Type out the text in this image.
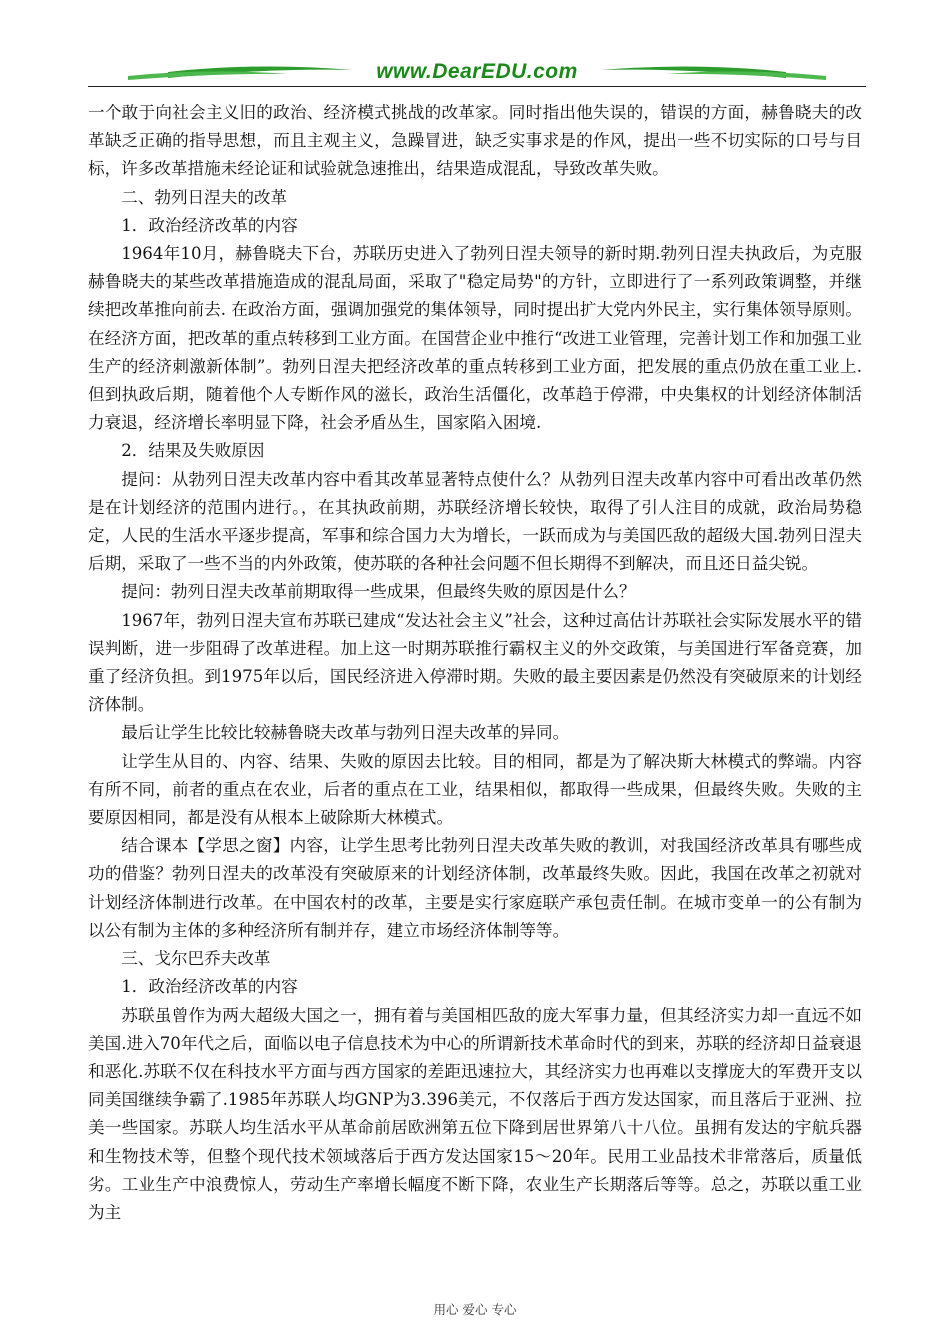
www.DearEDU.com

一个敢于向社会主义旧的政治、经济模式挑战的改革家。同时指出他失误的，错误的方面，赫鲁晓夫的改革缺乏正确的指导思想，而且主观主义，急躁冒进，缺乏实事求是的作风，提出一些不切实际的口号与目标，许多改革措施未经论证和试验就急速推出，结果造成混乱，导致改革失败。

二、勃列日涅夫的改革

1．政治经济改革的内容

1964年10月，赫鲁晓夫下台，苏联历史进入了勃列日涅夫领导的新时期.勃列日涅夫执政后，为克服赫鲁晓夫的某些改革措施造成的混乱局面，采取了"稳定局势"的方针，立即进行了一系列政策调整，并继续把改革推向前去. 在政治方面，强调加强党的集体领导，同时提出扩大党内外民主，实行集体领导原则。在经济方面，把改革的重点转移到工业方面。在国营企业中推行“改进工业管理，完善计划工作和加强工业生产的经济刺激新体制”。勃列日涅夫把经济改革的重点转移到工业方面，把发展的重点仍放在重工业上.但到执政后期，随着他个人专断作风的滋长，政治生活僵化，改革趋于停滞，中央集权的计划经济体制活力衰退，经济增长率明显下降，社会矛盾丛生，国家陷入困境.

2．结果及失败原因

提问：从勃列日涅夫改革内容中看其改革显著特点使什么？从勃列日涅夫改革内容中可看出改革仍然是在计划经济的范围内进行。，在其执政前期，苏联经济增长较快，取得了引人注目的成就，政治局势稳定，人民的生活水平逐步提高，军事和综合国力大为增长，一跃而成为与美国匹敌的超级大国.勃列日涅夫后期，采取了一些不当的内外政策，使苏联的各种社会问题不但长期得不到解决，而且还日益尖锐。

提问：勃列日涅夫改革前期取得一些成果，但最终失败的原因是什么？

1967年，勃列日涅夫宣布苏联已建成“发达社会主义”社会，这种过高估计苏联社会实际发展水平的错误判断，进一步阻碍了改革进程。加上这一时期苏联推行霸权主义的外交政策，与美国进行军备竞赛，加重了经济负担。到1975年以后，国民经济进入停滞时期。失败的最主要因素是仍然没有突破原来的计划经济体制。

最后让学生比较比较赫鲁晓夫改革与勃列日涅夫改革的异同。

让学生从目的、内容、结果、失败的原因去比较。目的相同，都是为了解决斯大林模式的弊端。内容有所不同，前者的重点在农业，后者的重点在工业，结果相似，都取得一些成果，但最终失败。失败的主要原因相同，都是没有从根本上破除斯大林模式。

结合课本【学思之窗】内容，让学生思考比勃列日涅夫改革失败的教训，对我国经济改革具有哪些成功的借鉴？勃列日涅夫的改革没有突破原来的计划经济体制，改革最终失败。因此，我国在改革之初就对计划经济体制进行改革。在中国农村的改革，主要是实行家庭联产承包责任制。在城市变单一的公有制为以公有制为主体的多种经济所有制并存，建立市场经济体制等等。

三、戈尔巴乔夫改革

1．政治经济改革的内容

苏联虽曾作为两大超级大国之一，拥有着与美国相匹敌的庞大军事力量，但其经济实力却一直远不如美国.进入70年代之后，面临以电子信息技术为中心的所谓新技术革命时代的到来，苏联的经济却日益衰退和恶化.苏联不仅在科技水平方面与西方国家的差距迅速拉大，其经济实力也再难以支撑庞大的军费开支以同美国继续争霸了.1985年苏联人均GNP为3.396美元，不仅落后于西方发达国家，而且落后于亚洲、拉美一些国家。苏联人均生活水平从革命前居欧洲第五位下降到居世界第八十八位。虽拥有发达的宇航兵器和生物技术等，但整个现代技术领域落后于西方发达国家15～20年。民用工业品技术非常落后，质量低劣。工业生产中浪费惊人，劳动生产率增长幅度不断下降，农业生产长期落后等等。总之，苏联以重工业为主

用心 爱心 专心
